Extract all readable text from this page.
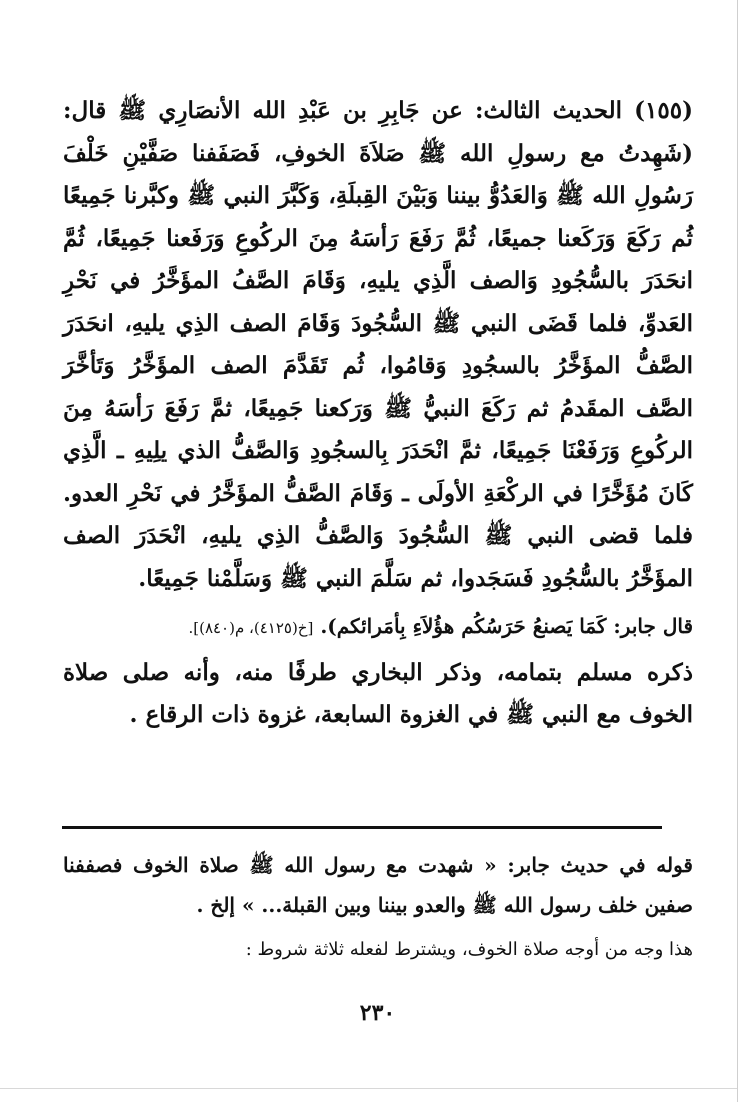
(١٥٥) الحديث الثالث: عن جَابِرِ بن عَبْدِ الله الأنصَارِي ﷺ قال: (شَهِدتُ مع رسولِ الله ﷺ صَلاَةَ الخوفِ، فَصَفَفنا صَفَّيْنِ خَلْفَ رَسُولِ الله ﷺ وَالعَدُوُّ بيننا وَبَيْنَ القِبلَةِ، وَكَبَّرَ النبي ﷺ وكبَّرنا جَمِيعًا ثُم رَكَعَ وَرَكَعنا جميعًا، ثُمَّ رَفَعَ رَأسَهُ مِنَ الركُوعِ وَرَفَعنا جَمِيعًا، ثُمَّ انحَدَرَ بالسُّجُودِ وَالصف الَّذِي يليهِ، وَقَامَ الصَّفُ المؤَخَّرُ في نَحْرِ العَدوِّ، فلما قَضَى النبي ﷺ السُّجُودَ وَقَامَ الصف الذِي يليهِ، انحَدَرَ الصَّفُّ المؤَخَّرُ بالسجُودِ وَقامُوا، ثُم تَقَدَّمَ الصف المؤَخَّرُ وَتَأخَّرَ الصَّف المقَدمُ ثم رَكَعَ النبيُّ ﷺ وَرَكعنا جَمِيعًا، ثمَّ رَفَعَ رَأسَهُ مِنَ الركُوعِ وَرَفَعْنَا جَمِيعًا، ثمَّ انْحَدَرَ بِالسجُودِ وَالصَّفُّ الذي يلِيهِ ـ الَّذِي كَانَ مُؤَخَّرًا في الركْعَةِ الأولَى ـ وَقَامَ الصَّفُّ المؤَخَّرُ في نَحْرِ العدو. فلما قضى النبي ﷺ السُّجُودَ وَالصَّفُّ الذِي يليهِ، انْحَدَرَ الصف المؤَخَّرُ بالسُّجُودِ فَسَجَدوا، ثم سَلَّمَ النبي ﷺ وَسَلَّمْنا جَمِيعًا.

قال جابر: كَمَا يَصنعُ حَرَسُكُم هؤُلاَءِ بِأمَرائكم). [خ(٤١٢٥)، م(٨٤٠)].

ذكره مسلم بتمامه، وذكر البخاري طرفًا منه، وأنه صلى صلاة الخوف مع النبي ﷺ في الغزوة السابعة، غزوة ذات الرقاع .

قوله في حديث جابر: « شهدت مع رسول الله ﷺ صلاة الخوف فصففنا صفين خلف رسول الله ﷺ والعدو بيننا وبين القبلة... » إلخ .

هذا وجه من أوجه صلاة الخوف، ويشترط لفعله ثلاثة شروط :

٢٣٠
